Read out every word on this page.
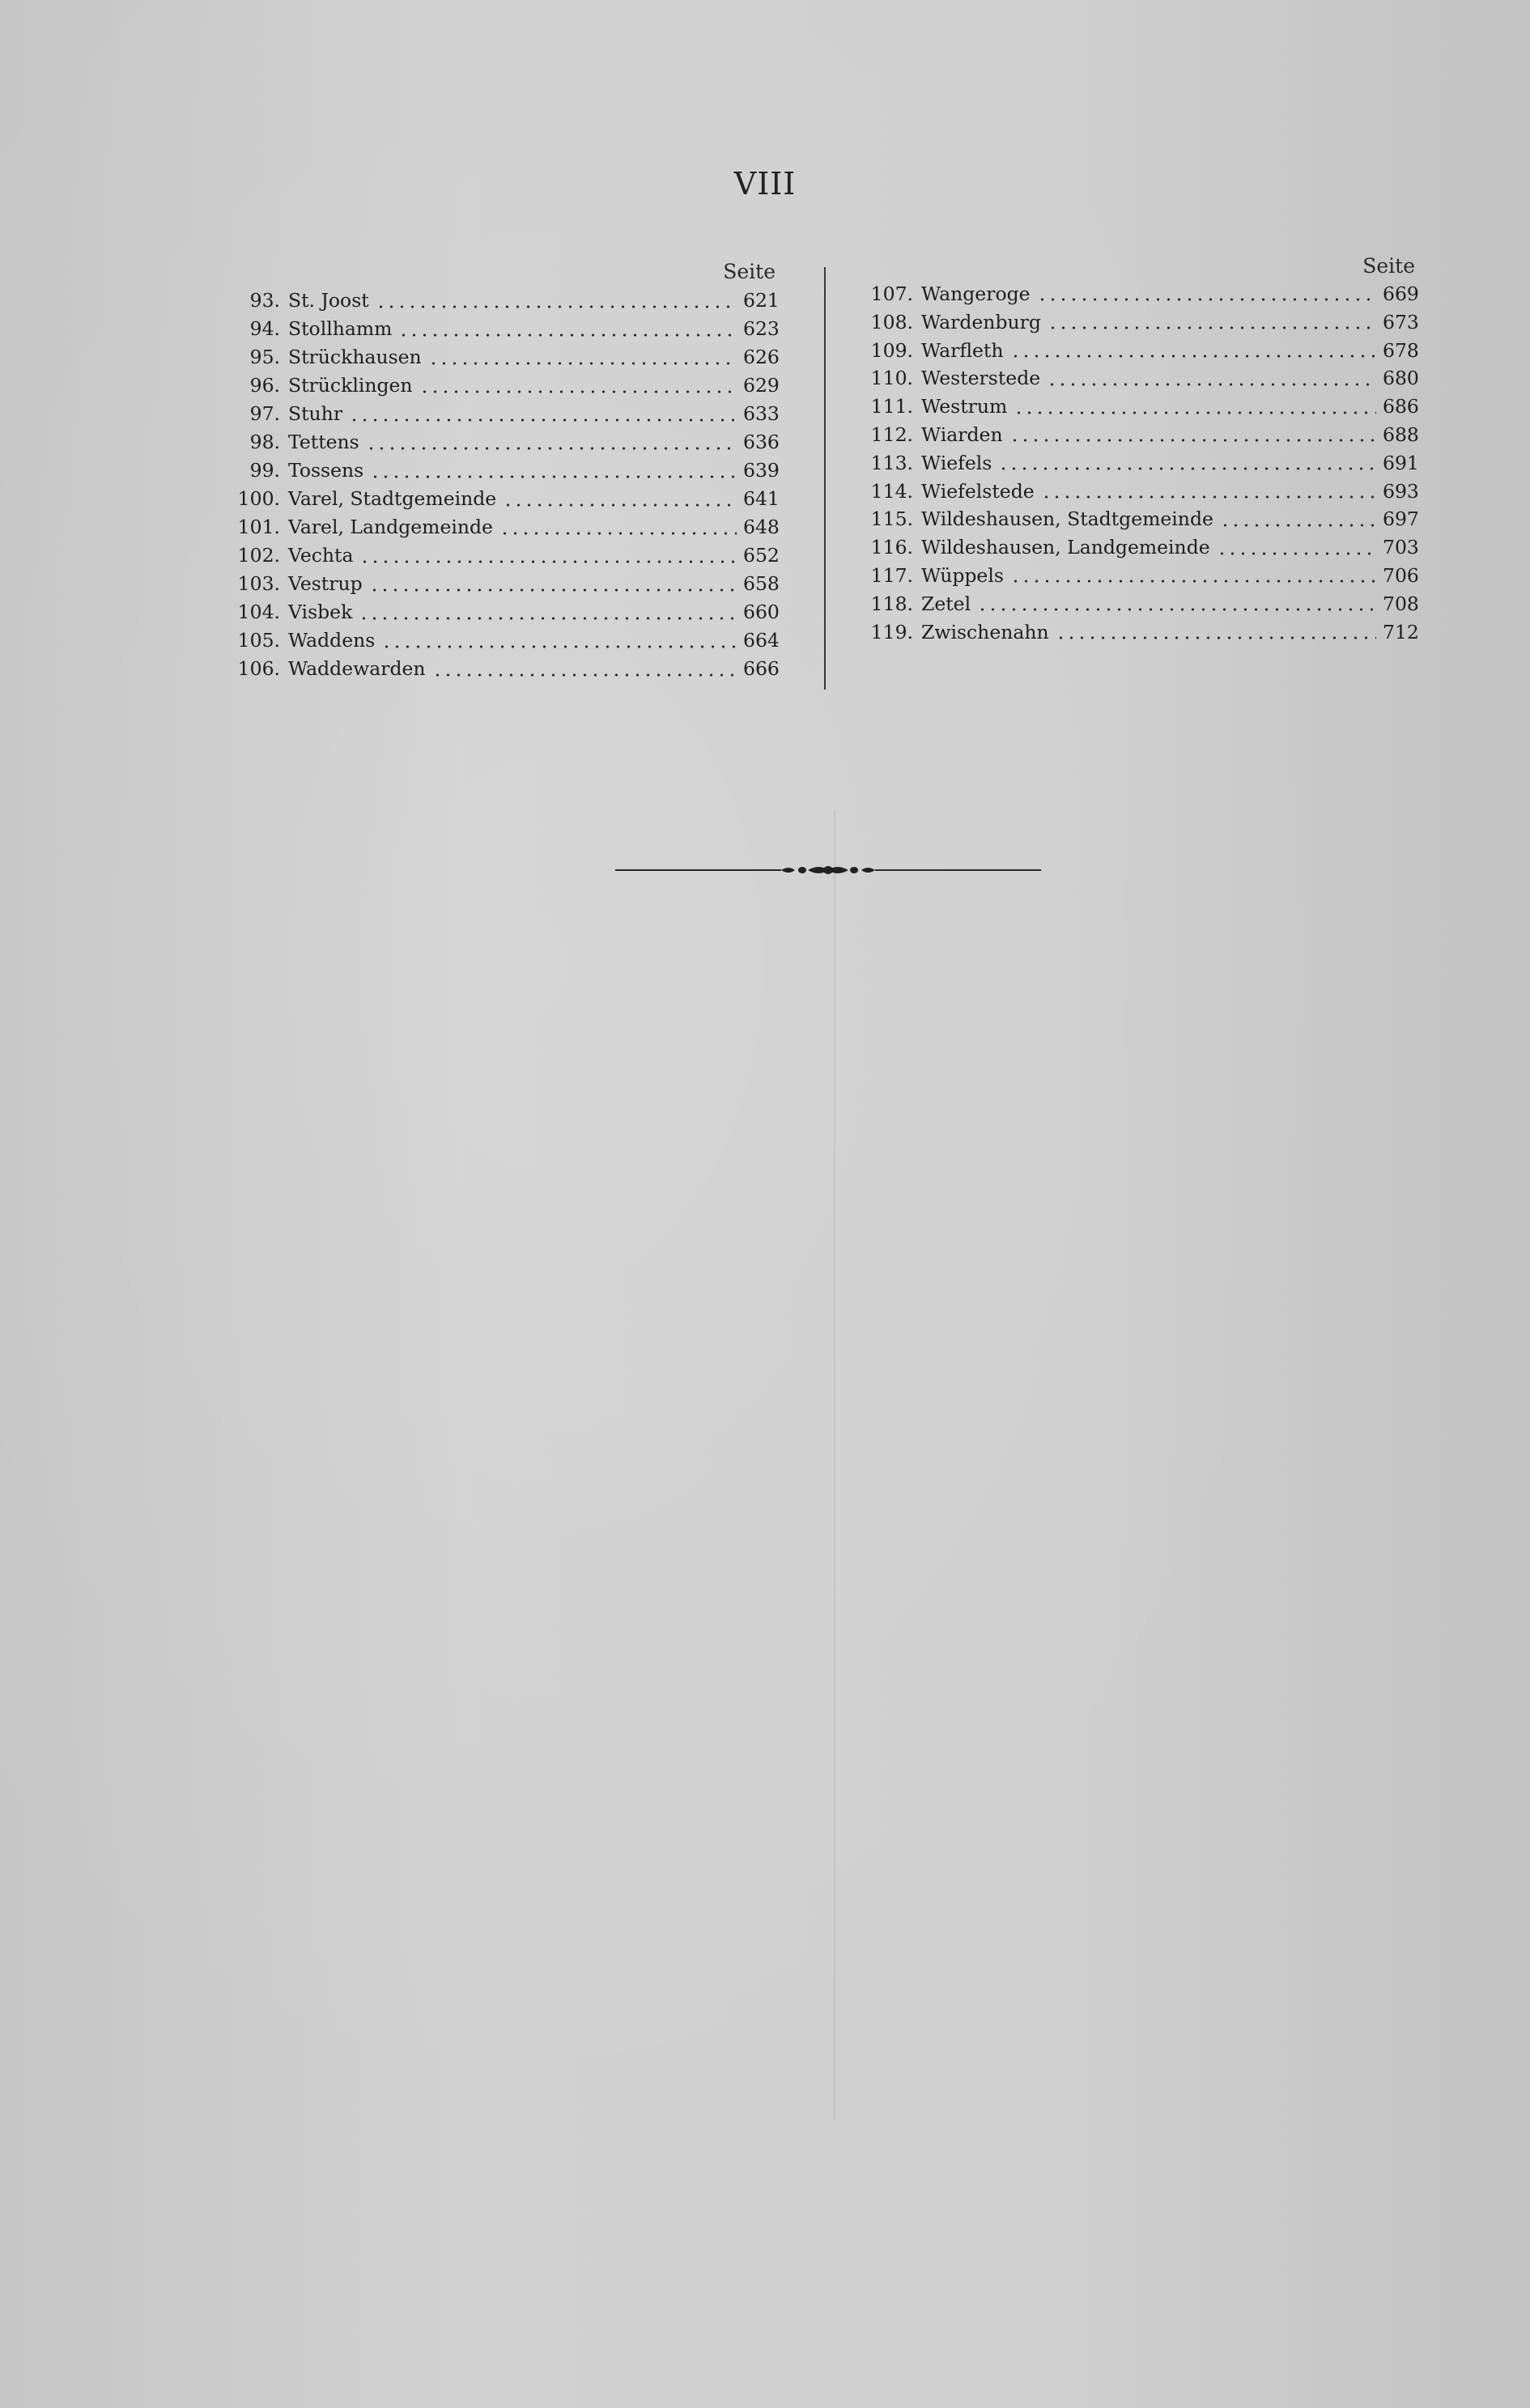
VIII
Seite
93. St. Joost	621
94. Stollhamm	623
95. Strückhausen	626
96. Strücklingen	629
97. Stuhr	633
98. Tettens	636
99. Tossens	639
100. Varel, Stadtgemeinde	641
101. Varel, Landgemeinde	648
102. Vechta	652
103. Vestrup	658
104. Visbek	660
105. Waddens	664
106. Waddewarden	666
Seite
107. Wangeroge	669
108. Wardenburg	673
109. Warfleth	678
110. Westerstede	680
111. Westrum	686
112. Wiarden	688
113. Wiefels	691
114. Wiefelstede	693
115. Wildeshausen, Stadtgemeinde	697
116. Wildeshausen, Landgemeinde	703
117. Wüppels	706
118. Zetel	708
119. Zwischenahn	712
